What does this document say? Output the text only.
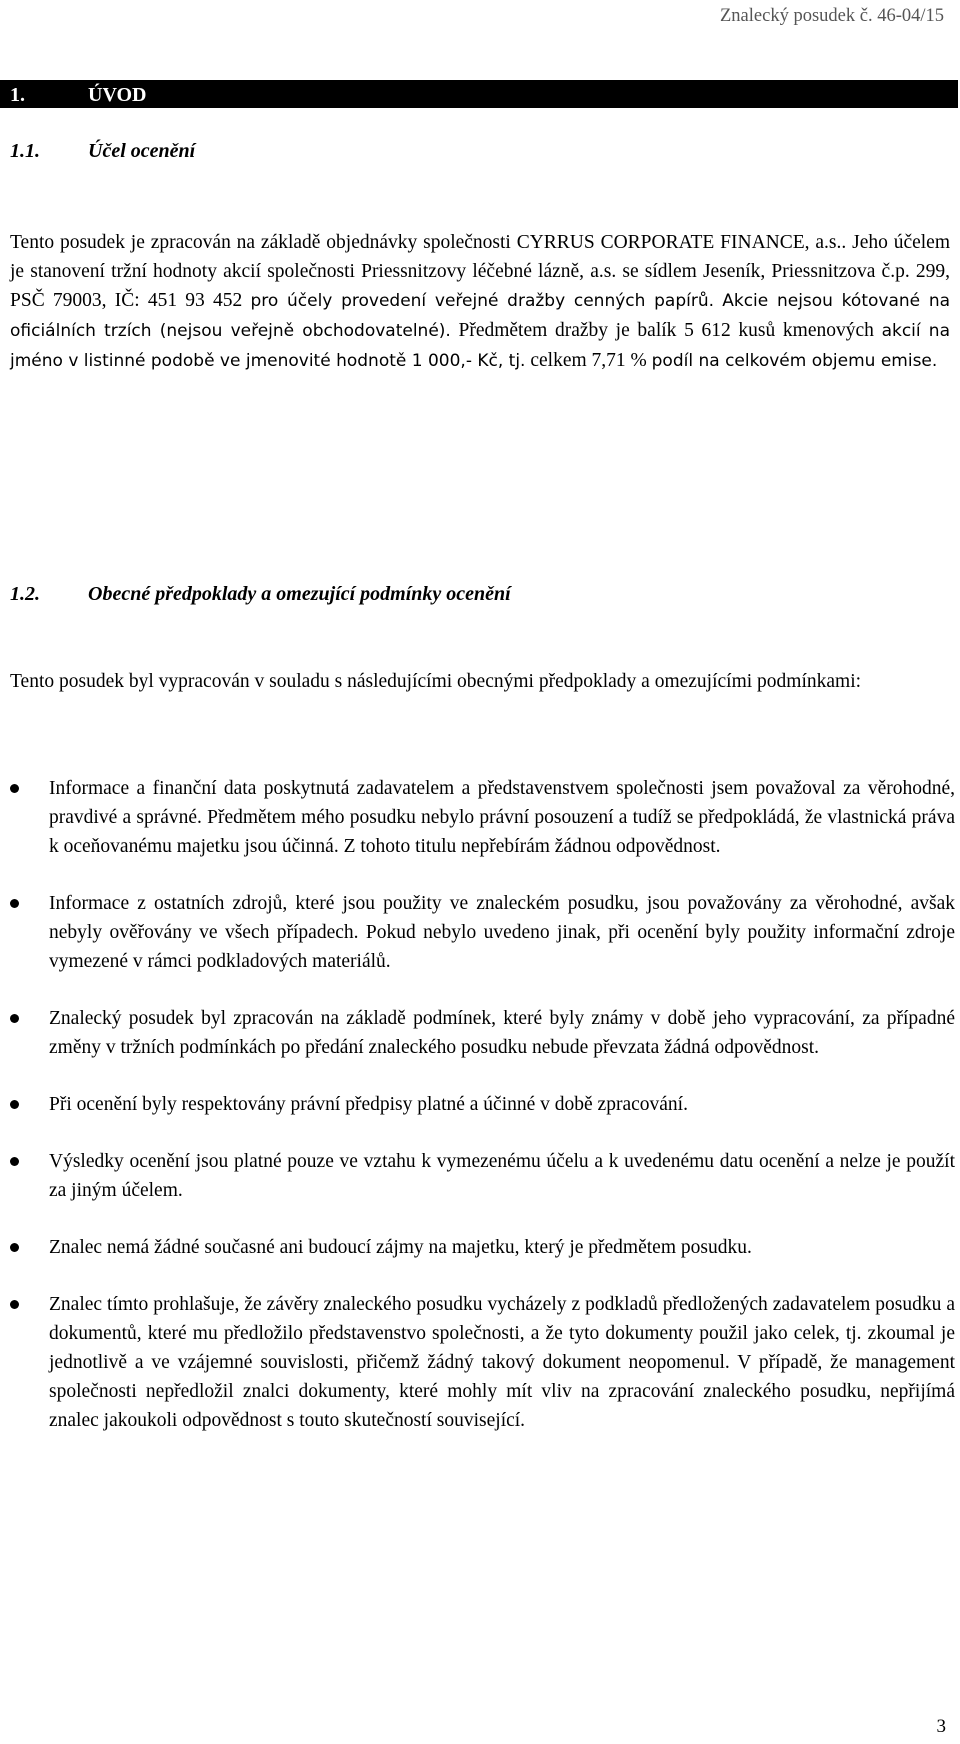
Znalecký posudek č. 46-04/15
1.	ÚVOD
1.1. Účel ocenění
Tento posudek je zpracován na základě objednávky společnosti CYRRUS CORPORATE FINANCE, a.s.. Jeho účelem je stanovení tržní hodnoty akcií společnosti Priessnitzovy léčebné lázně, a.s. se sídlem Jeseník, Priessnitzova č.p. 299, PSČ 79003, IČ: 451 93 452 pro účely provedení veřejné dražby cenných papírů. Akcie nejsou kótované na oficiálních trzích (nejsou veřejně obchodovatelné). Předmětem dražby je balík 5 612 kusů kmenových akcií na jméno v listinné podobě ve jmenovité hodnotě 1 000,- Kč, tj. celkem 7,71 % podíl na celkovém objemu emise.
1.2. Obecné předpoklady a omezující podmínky ocenění
Tento posudek byl vypracován v souladu s následujícími obecnými předpoklady a omezujícími podmínkami:
Informace a finanční data poskytnutá zadavatelem a představenstvem společnosti jsem považoval za věrohodné, pravdivé a správné. Předmětem mého posudku nebylo právní posouzení a tudíž se předpokládá, že vlastnická práva k oceňovanému majetku jsou účinná. Z tohoto titulu nepřebírám žádnou odpovědnost.
Informace z ostatních zdrojů, které jsou použity ve znaleckém posudku, jsou považovány za věrohodné, avšak nebyly ověřovány ve všech případech. Pokud nebylo uvedeno jinak, při ocenění byly použity informační zdroje vymezené v rámci podkladových materiálů.
Znalecký posudek byl zpracován na základě podmínek, které byly známy v době jeho vypracování, za případné změny v tržních podmínkách po předání znaleckého posudku nebude převzata žádná odpovědnost.
Při ocenění byly respektovány právní předpisy platné a účinné v době zpracování.
Výsledky ocenění jsou platné pouze ve vztahu k vymezenému účelu a k uvedenému datu ocenění a nelze je použít za jiným účelem.
Znalec nemá žádné současné ani budoucí zájmy na majetku, který je předmětem posudku.
Znalec tímto prohlašuje, že závěry znaleckého posudku vycházely z podkladů předložených zadavatelem posudku a dokumentů, které mu předložilo představenstvo společnosti, a že tyto dokumenty použil jako celek, tj. zkoumal je jednotlivě a ve vzájemné souvislosti, přičemž žádný takový dokument neopomenul. V případě, že management společnosti nepředložil znalci dokumenty, které mohly mít vliv na zpracování znaleckého posudku, nepřijímá znalec jakoukoli odpovědnost s touto skutečností související.
3
